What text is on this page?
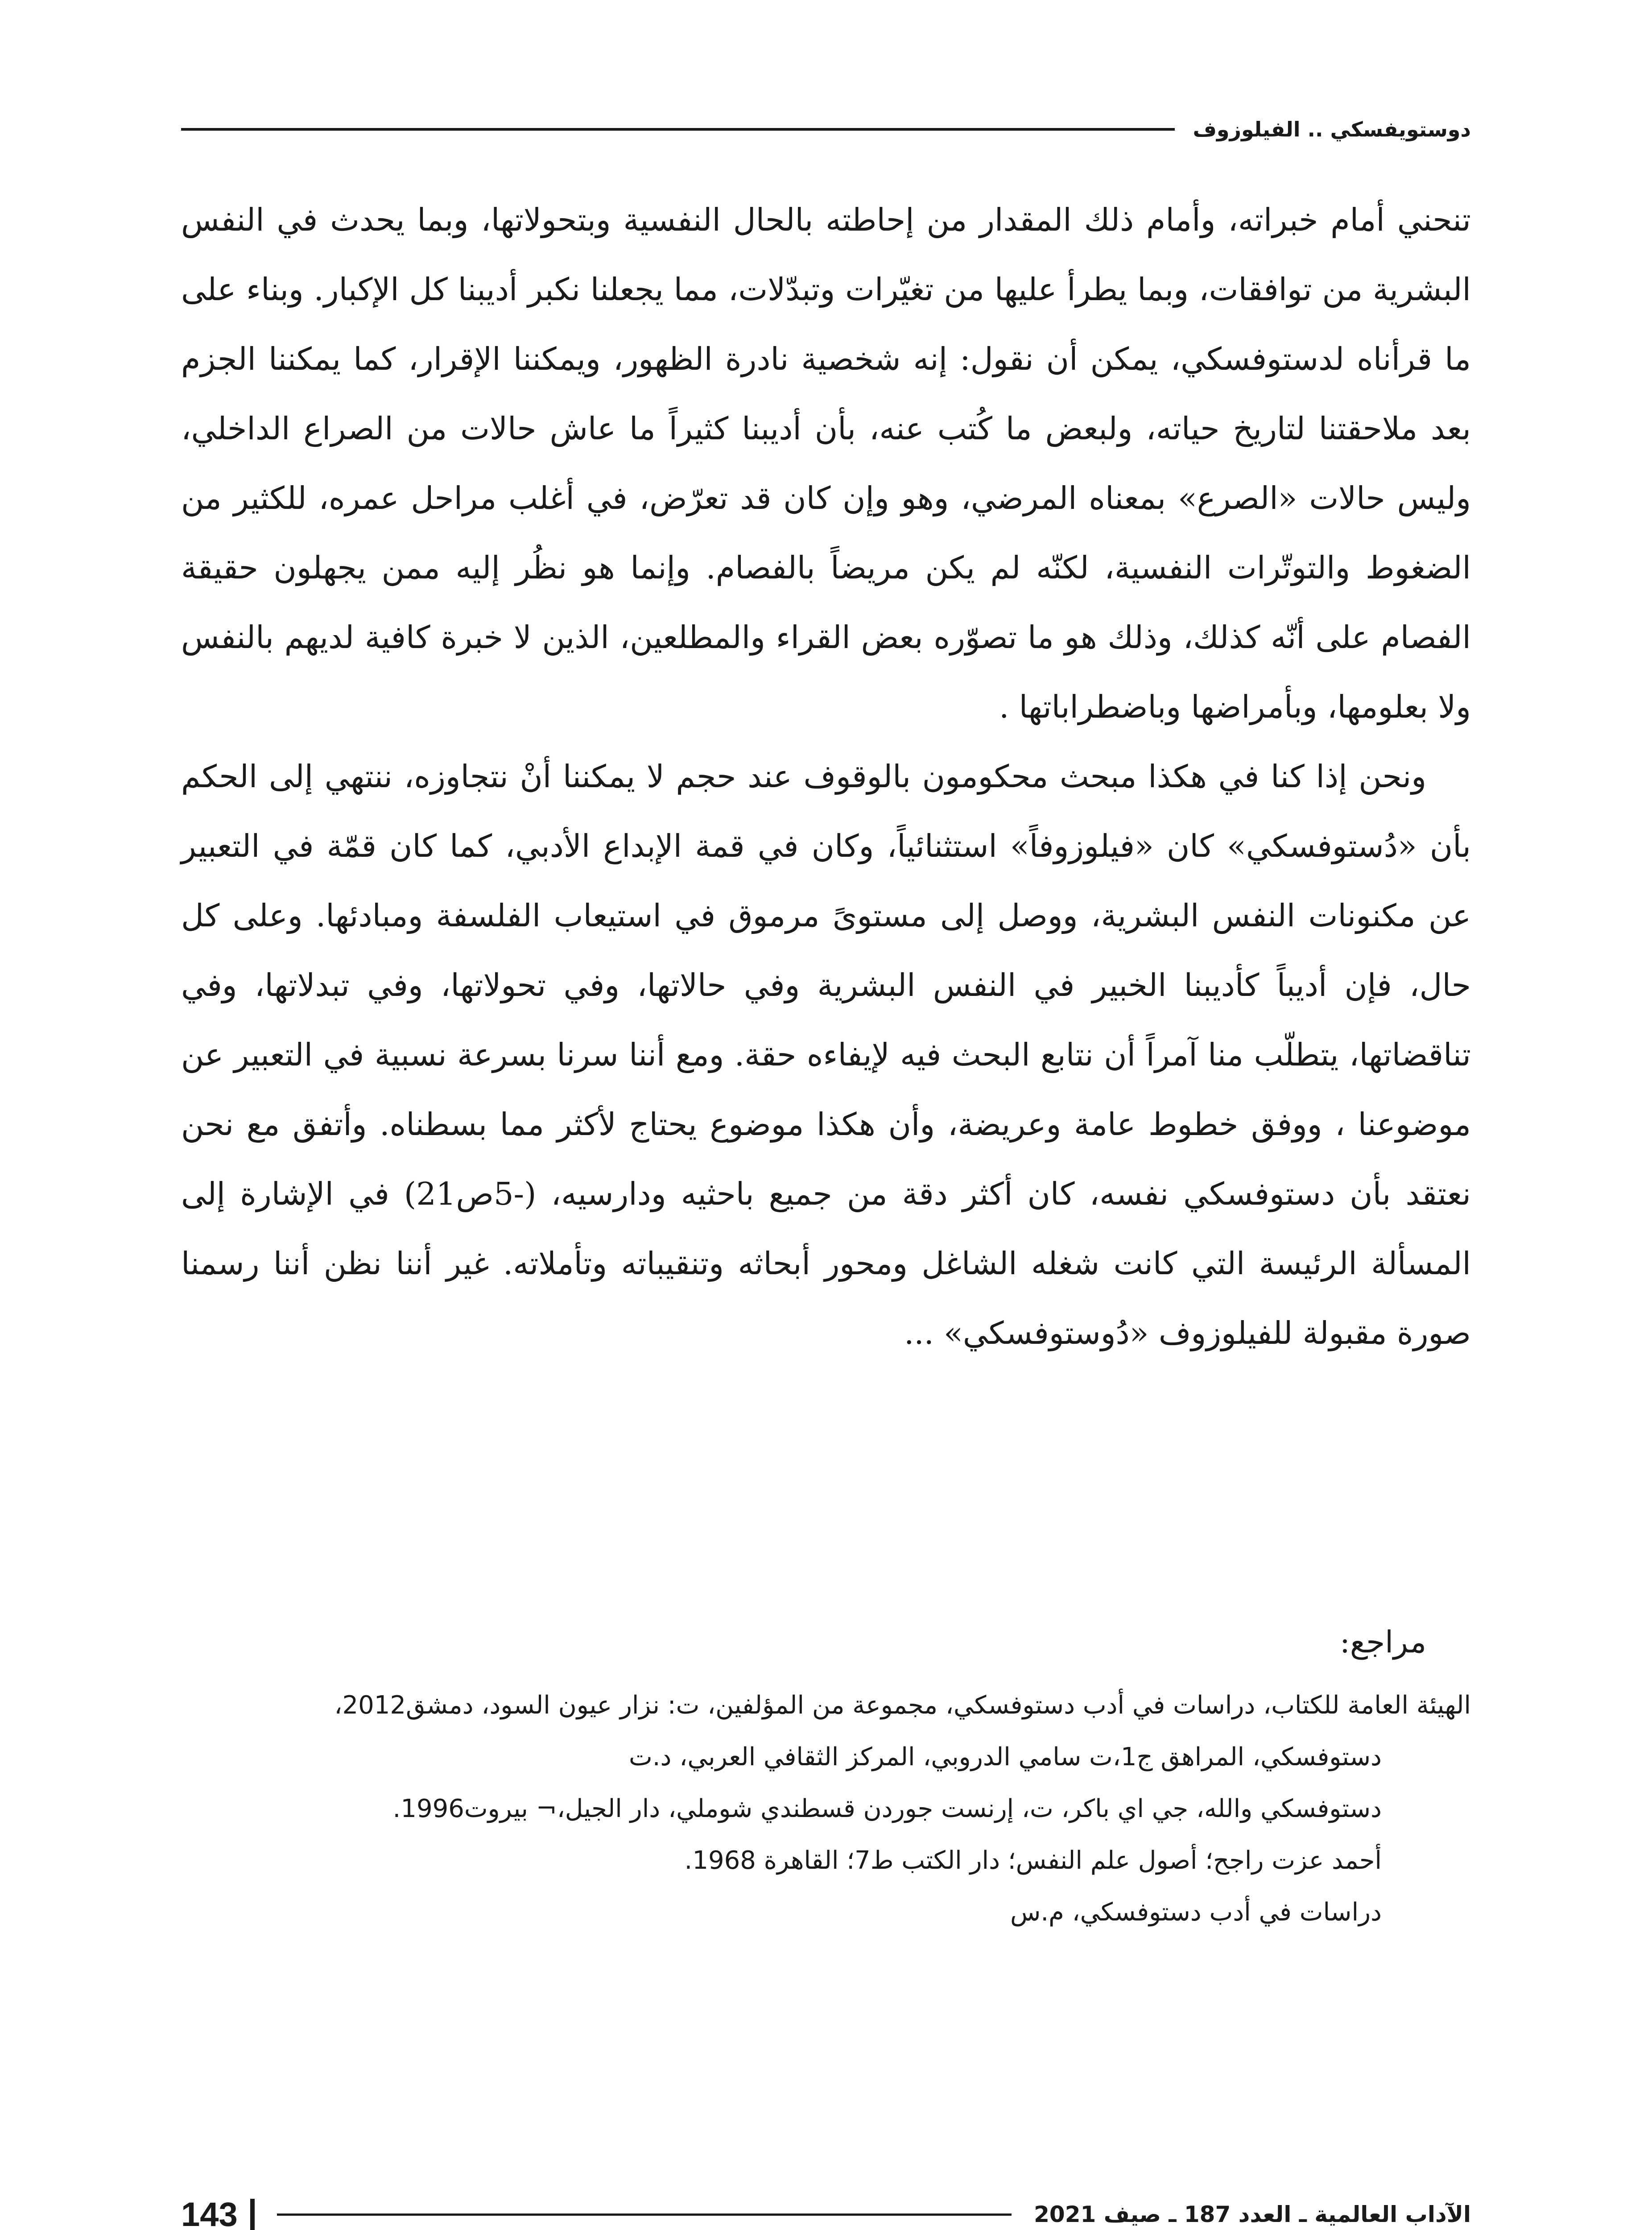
دوستويفسكي .. الفيلوزوف

تنحني أمام خبراته، وأمام ذلك المقدار من إحاطته بالحال النفسية وبتحولاتها، وبما يحدث في النفس البشرية من توافقات، وبما يطرأ عليها من تغيّرات وتبدّلات، مما يجعلنا نكبر أديبنا كل الإكبار. وبناء على ما قرأناه لدستوفسكي، يمكن أن نقول: إنه شخصية نادرة الظهور، ويمكننا الإقرار، كما يمكننا الجزم بعد ملاحقتنا لتاريخ حياته، ولبعض ما كُتب عنه، بأن أديبنا كثيراً ما عاش حالات من الصراع الداخلي، وليس حالات «الصرع» بمعناه المرضي، وهو وإن كان قد تعرّض، في أغلب مراحل عمره، للكثير من الضغوط والتوتّرات النفسية، لكنّه لم يكن مريضاً بالفصام. وإنما هو نظُر إليه ممن يجهلون حقيقة الفصام على أنّه كذلك، وذلك هو ما تصوّره بعض القراء والمطلعين، الذين لا خبرة كافية لديهم بالنفس ولا بعلومها، وبأمراضها وباضطراباتها .

ونحن إذا كنا في هكذا مبحث محكومون بالوقوف عند حجم لا يمكننا أنْ نتجاوزه، ننتهي إلى الحكم بأن «دُستوفسكي» كان «فيلوزوفاً» استثنائياً، وكان في قمة الإبداع الأدبي، كما كان قمّة في التعبير عن مكنونات النفس البشرية، ووصل إلى مستوىً مرموق في استيعاب الفلسفة ومبادئها. وعلى كل حال، فإن أديباً كأديبنا الخبير في النفس البشرية وفي حالاتها، وفي تحولاتها، وفي تبدلاتها، وفي تناقضاتها، يتطلّب منا آمراً أن نتابع البحث فيه لإيفاءه حقة. ومع أننا سرنا بسرعة نسبية في التعبير عن موضوعنا ، ووفق خطوط عامة وعريضة، وأن هكذا موضوع يحتاج لأكثر مما بسطناه. وأتفق مع نحن نعتقد بأن دستوفسكي نفسه، كان أكثر دقة من جميع باحثيه ودارسيه، (-5ص21) في الإشارة إلى المسألة الرئيسة التي كانت شغله الشاغل ومحور أبحاثه وتنقيباته وتأملاته. غير أننا نظن أننا رسمنا صورة مقبولة للفيلوزوف «دُوستوفسكي» ...

مراجع:

الهيئة العامة للكتاب، دراسات في أدب دستوفسكي، مجموعة من المؤلفين، ت: نزار عيون السود، دمشق2012،

دستوفسكي، المراهق ج1،ت سامي الدروبي، المركز الثقافي العربي، د.ت

دستوفسكي والله، جي اي باكر، ت، إرنست جوردن قسطندي شوملي، دار الجيل،¬ بيروت1996.

أحمد عزت راجح؛ أصول علم النفس؛ دار الكتب ط7؛ القاهرة 1968.

دراسات في أدب دستوفسكي، م.س

الآداب العالمية ـ العدد 187 ـ صيف 2021
143
